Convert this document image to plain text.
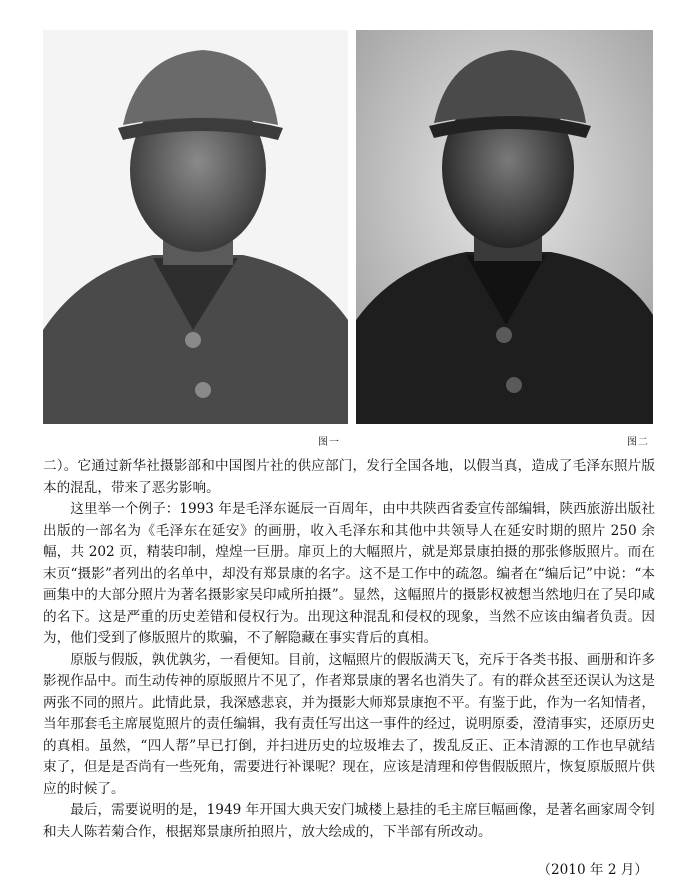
图一	图二

二）。它通过新华社摄影部和中国图片社的供应部门，发行全国各地，以假当真，造成了毛泽东照片版本的混乱，带来了恶劣影响。

这里举一个例子：1993 年是毛泽东诞辰一百周年，由中共陕西省委宣传部编辑，陕西旅游出版社出版的一部名为《毛泽东在延安》的画册，收入毛泽东和其他中共领导人在延安时期的照片 250 余幅，共 202 页，精装印制，煌煌一巨册。扉页上的大幅照片，就是郑景康拍摄的那张修版照片。而在末页“摄影”者列出的名单中，却没有郑景康的名字。这不是工作中的疏忽。编者在“编后记”中说：“本画集中的大部分照片为著名摄影家吴印咸所拍摄”。显然，这幅照片的摄影权被想当然地归在了吴印咸的名下。这是严重的历史差错和侵权行为。出现这种混乱和侵权的现象，当然不应该由编者负责。因为，他们受到了修版照片的欺骗，不了解隐藏在事实背后的真相。

原版与假版，孰优孰劣，一看便知。目前，这幅照片的假版满天飞，充斥于各类书报、画册和许多影视作品中。而生动传神的原版照片不见了，作者郑景康的署名也消失了。有的群众甚至还误认为这是两张不同的照片。此情此景，我深感悲哀，并为摄影大师郑景康抱不平。有鉴于此，作为一名知情者，当年那套毛主席展览照片的责任编辑，我有责任写出这一事件的经过，说明原委，澄清事实，还原历史的真相。虽然，“四人帮”早已打倒，并扫进历史的垃圾堆去了，拨乱反正、正本清源的工作也早就结束了，但是是否尚有一些死角，需要进行补课呢？现在，应该是清理和停售假版照片，恢复原版照片供应的时候了。

最后，需要说明的是，1949 年开国大典天安门城楼上悬挂的毛主席巨幅画像，是著名画家周令钊和夫人陈若菊合作，根据郑景康所拍照片，放大绘成的，下半部有所改动。

（2010 年 2 月）
